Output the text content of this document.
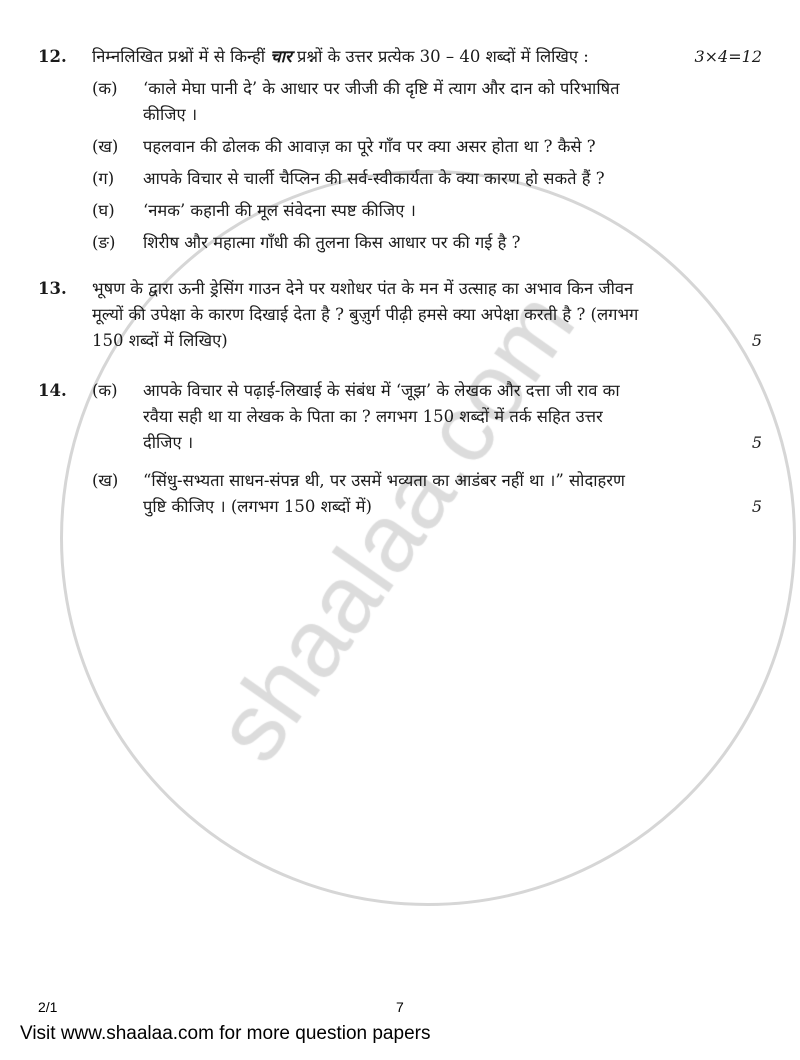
12.	निम्नलिखित प्रश्नों में से किन्हीं चार प्रश्नों के उत्तर प्रत्येक 30 – 40 शब्दों में लिखिए :	3×4=12
(क)	‘काले मेघा पानी दे’ के आधार पर जीजी की दृष्टि में त्याग और दान को परिभाषित
कीजिए ।
(ख)	पहलवान की ढोलक की आवाज़ का पूरे गाँव पर क्या असर होता था ? कैसे ?
(ग)	आपके विचार से चार्ली चैप्लिन की सर्व-स्वीकार्यता के क्या कारण हो सकते हैं ?
(घ)	‘नमक’ कहानी की मूल संवेदना स्पष्ट कीजिए ।
(ङ)	शिरीष और महात्मा गाँधी की तुलना किस आधार पर की गई है ?
13.	भूषण के द्वारा ऊनी ड्रेसिंग गाउन देने पर यशोधर पंत के मन में उत्साह का अभाव किन जीवन
मूल्यों की उपेक्षा के कारण दिखाई देता है ? बुज़ुर्ग पीढ़ी हमसे क्या अपेक्षा करती है ? (लगभग
150 शब्दों में लिखिए)	5
14.	(क)	आपके विचार से पढ़ाई-लिखाई के संबंध में ‘जूझ’ के लेखक और दत्ता जी राव का
रवैया सही था या लेखक के पिता का ? लगभग 150 शब्दों में तर्क सहित उत्तर
दीजिए ।	5
(ख)	“सिंधु-सभ्यता साधन-संपन्न थी, पर उसमें भव्यता का आडंबर नहीं था ।” सोदाहरण
पुष्टि कीजिए । (लगभग 150 शब्दों में)	5
2/1	7
Visit www.shaalaa.com for more question papers
